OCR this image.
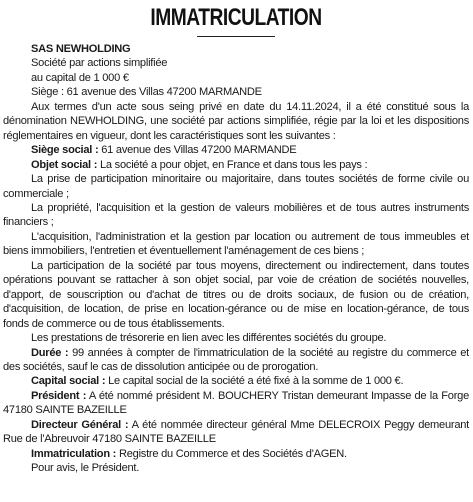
IMMATRICULATION

SAS NEWHOLDING

Société par actions simplifiée

au capital de 1 000 €

Siège : 61 avenue des Villas 47200 MARMANDE

Aux termes d'un acte sous seing privé en date du 14.11.2024, il a été constitué sous la dénomination NEWHOLDING, une société par actions simplifiée, régie par la loi et les dispositions réglementaires en vigueur, dont les caractéristiques sont les suivantes :

Siège social : 61 avenue des Villas 47200 MARMANDE

Objet social : La société a pour objet, en France et dans tous les pays :

La prise de participation minoritaire ou majoritaire, dans toutes sociétés de forme civile ou commerciale ;

La propriété, l'acquisition et la gestion de valeurs mobilières et de tous autres instruments financiers ;

L'acquisition, l'administration et la gestion par location ou autrement de tous immeubles et biens immobiliers, l'entretien et éventuellement l'aménagement de ces biens ;

La participation de la société par tous moyens, directement ou indirectement, dans toutes opérations pouvant se rattacher à son objet social, par voie de création de sociétés nouvelles, d'apport, de souscription ou d'achat de titres ou de droits sociaux, de fusion ou de création, d'acquisition, de location, de prise en location-gérance ou de mise en location-gérance, de tous fonds de commerce ou de tous établissements.

Les prestations de trésorerie en lien avec les différentes sociétés du groupe.

Durée : 99 années à compter de l'immatriculation de la société au registre du commerce et des sociétés, sauf le cas de dissolution anticipée ou de prorogation.

Capital social : Le capital social de la société a été fixé à la somme de 1 000 €.

Président : A été nommé président M. BOUCHERY Tristan demeurant Impasse de la Forge 47180 SAINTE BAZEILLE

Directeur Général : A été nommée directeur général Mme DELECROIX Peggy demeurant Rue de l'Abreuvoir 47180 SAINTE BAZEILLE

Immatriculation : Registre du Commerce et des Sociétés d'AGEN.

Pour avis, le Président.
